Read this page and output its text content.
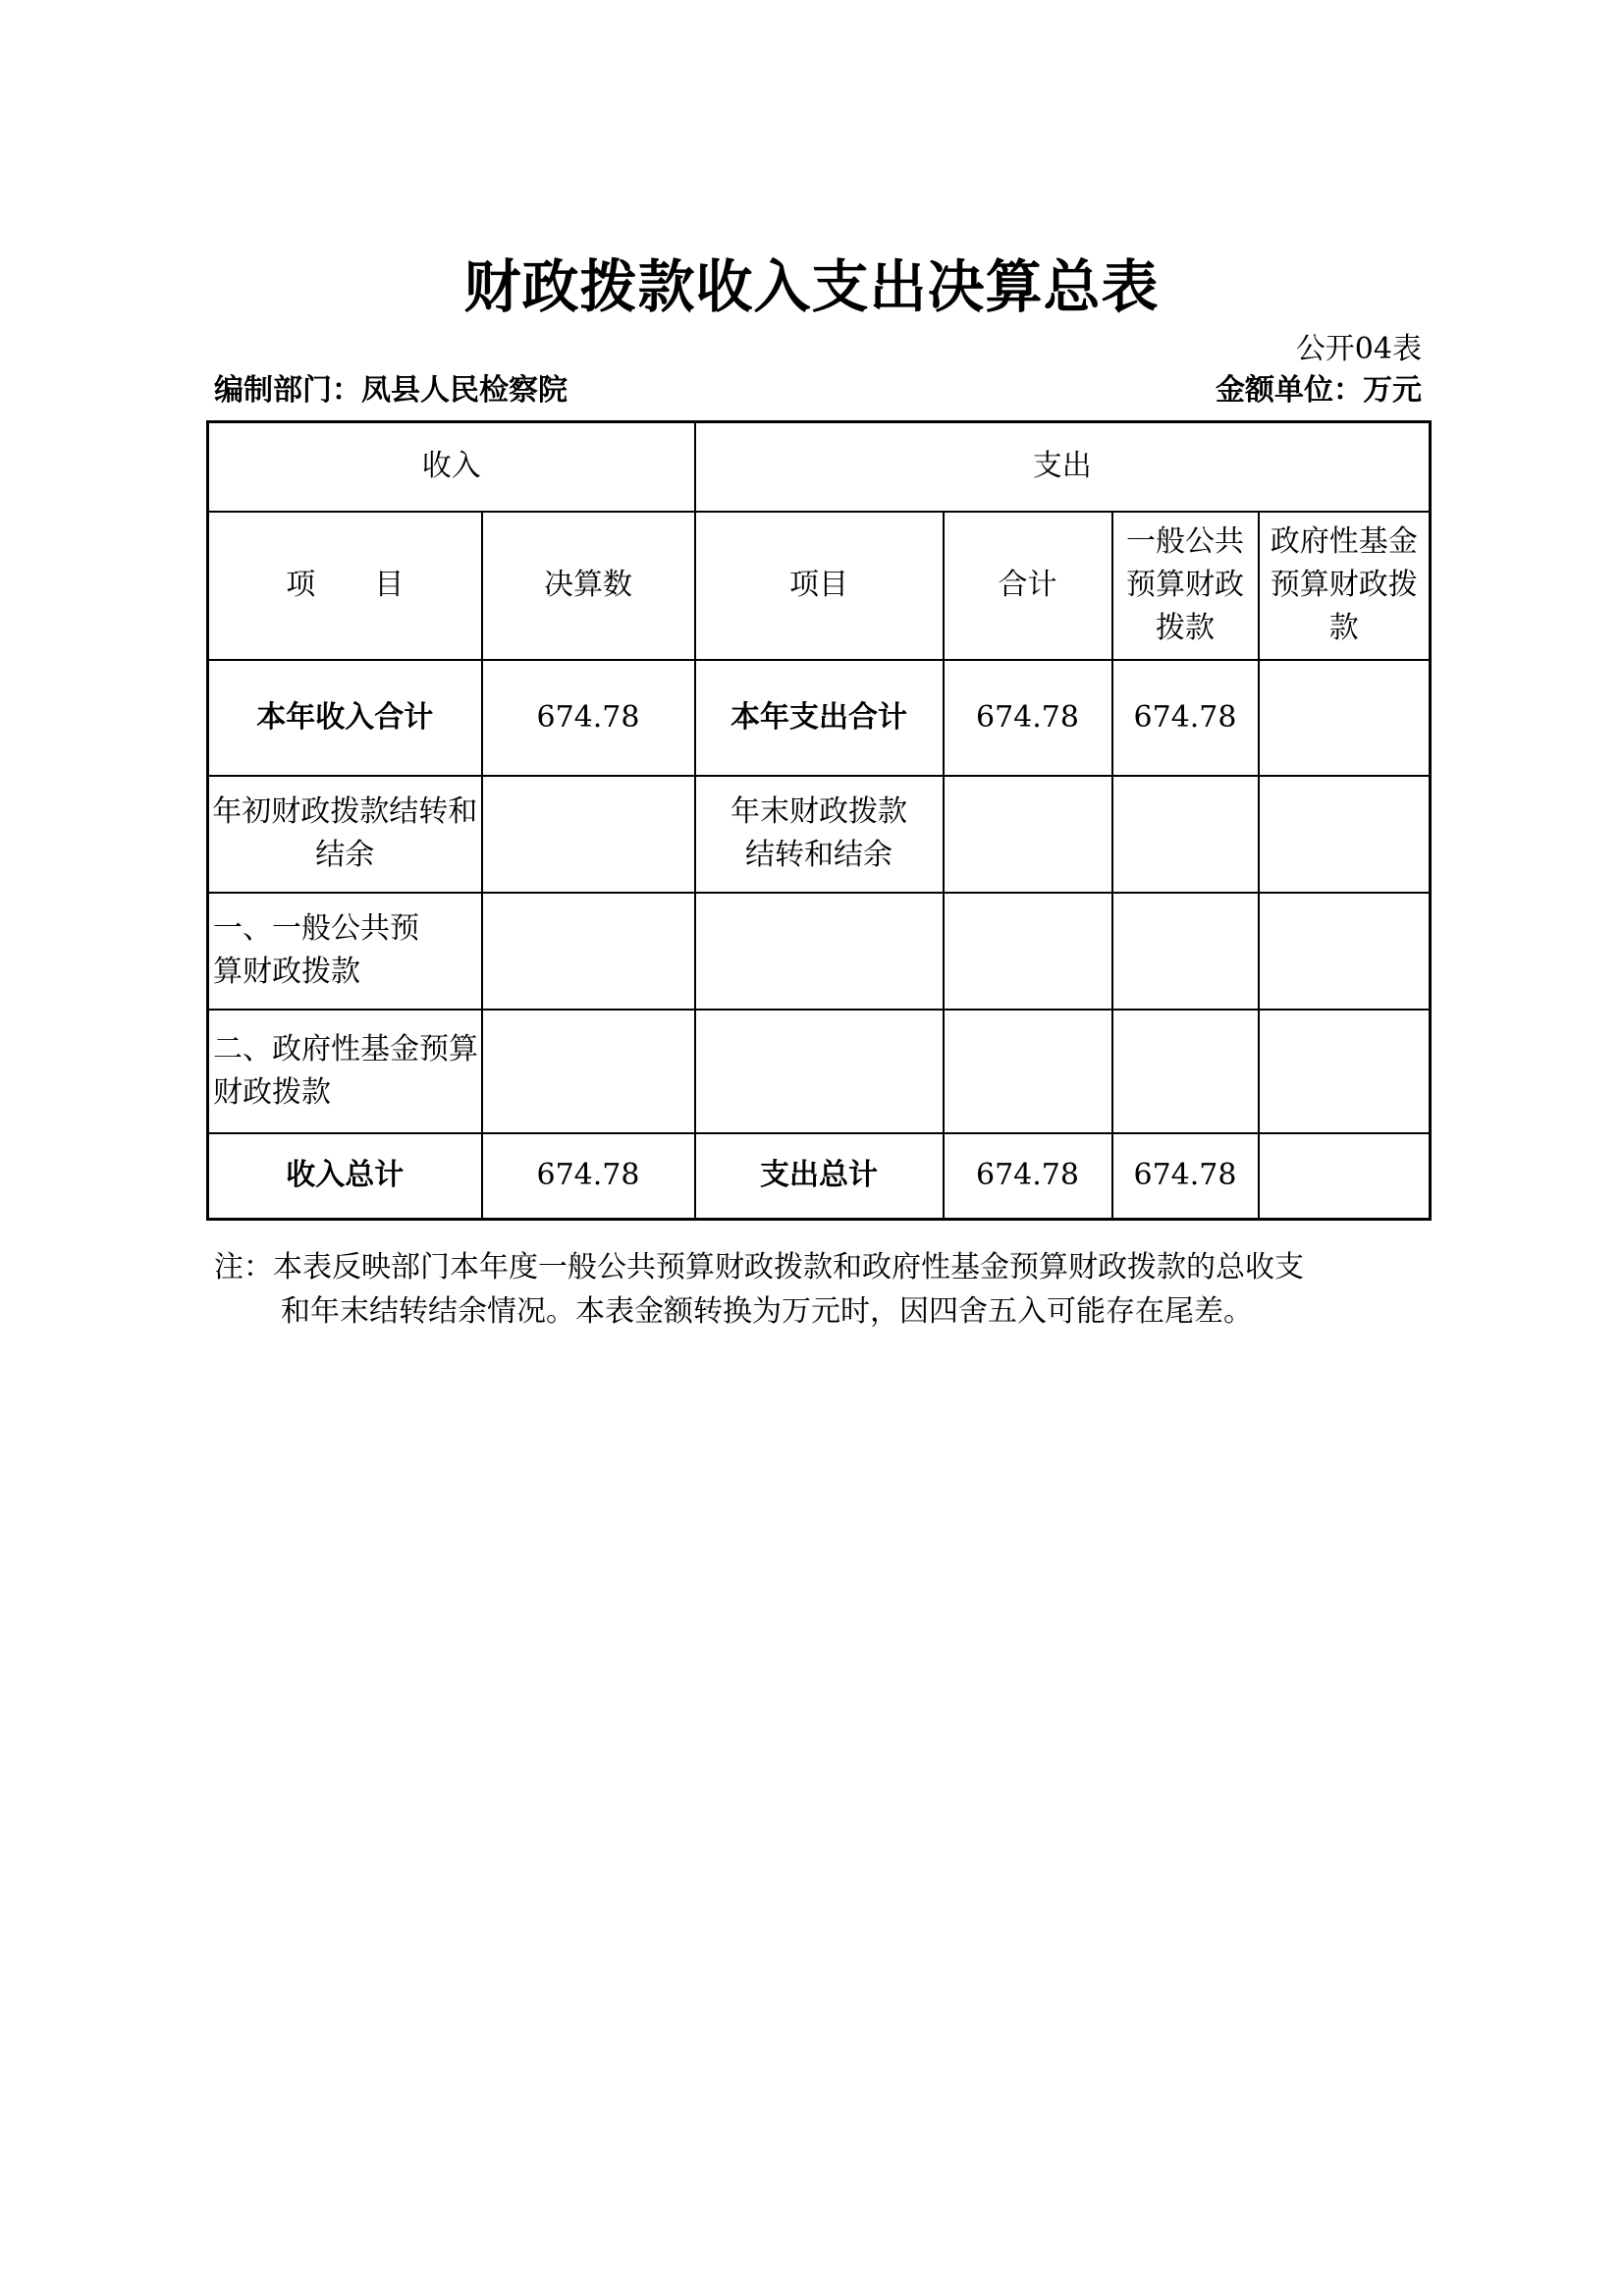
财政拨款收入支出决算总表
公开04表
编制部门：凤县人民检察院	金额单位：万元
收入		支出			
项　　目	决算数	项目	合计	一般公共预算财政拨款	政府性基金预算财政拨款
本年收入合计	674.78	本年支出合计	674.78	674.78	
年初财政拨款结转和结余		年末财政拨款结转和结余			
一、一般公共预算财政拨款					
二、政府性基金预算财政拨款					
收入总计	674.78	支出总计	674.78	674.78	
注：本表反映部门本年度一般公共预算财政拨款和政府性基金预算财政拨款的总收支
和年末结转结余情况。本表金额转换为万元时，因四舍五入可能存在尾差。
